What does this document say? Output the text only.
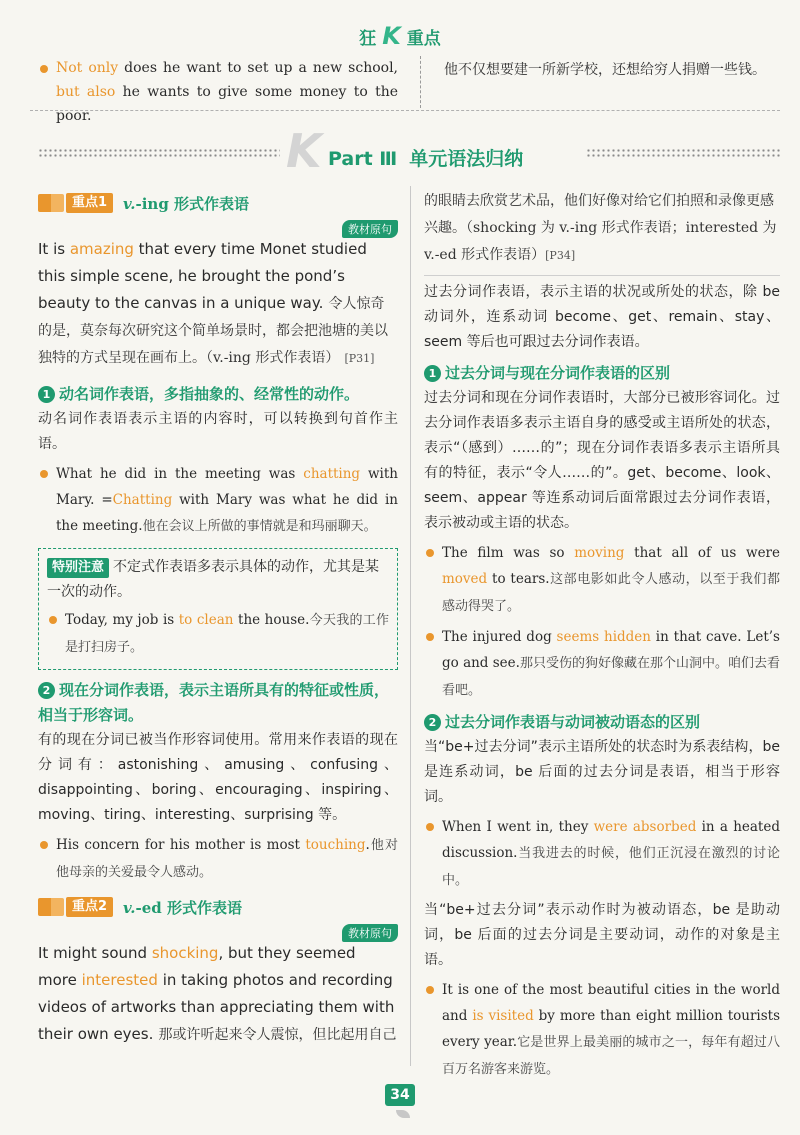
狂 K 重点
Not only does he want to set up a new school, but also he wants to give some money to the poor.
他不仅想要建一所新学校，还想给穷人捐赠一些钱。
K Part Ⅲ 单元语法归纳
重点1	v.-ing 形式作表语
教材原句
It is amazing that every time Monet studied this simple scene, he brought the pond’s beauty to the canvas in a unique way. 令人惊奇的是，莫奈每次研究这个简单场景时，都会把池塘的美以独特的方式呈现在画布上。（v.-ing 形式作表语） [P31]
1 动名词作表语，多指抽象的、经常性的动作。
动名词作表语表示主语的内容时，可以转换到句首作主语。
What he did in the meeting was chatting with Mary. =Chatting with Mary was what he did in the meeting.他在会议上所做的事情就是和玛丽聊天。
特别注意 不定式作表语多表示具体的动作，尤其是某一次的动作。
Today, my job is to clean the house.今天我的工作是打扫房子。
2 现在分词作表语，表示主语所具有的特征或性质，相当于形容词。
有的现在分词已被当作形容词使用。常用来作表语的现在分词有：astonishing、amusing、confusing、disappointing、boring、encouraging、inspiring、moving、tiring、interesting、surprising 等。
His concern for his mother is most touching.他对他母亲的关爱最令人感动。
重点2	v.-ed 形式作表语
教材原句
It might sound shocking, but they seemed more interested in taking photos and recording videos of artworks than appreciating them with their own eyes. 那或许听起来令人震惊，但比起用自己
的眼睛去欣赏艺术品，他们好像对给它们拍照和录像更感兴趣。（shocking 为 v.-ing 形式作表语；interested 为 v.-ed 形式作表语）[P34]
过去分词作表语，表示主语的状况或所处的状态，除 be 动词外，连系动词 become、get、remain、stay、seem 等后也可跟过去分词作表语。
1 过去分词与现在分词作表语的区别
过去分词和现在分词作表语时，大部分已被形容词化。过去分词作表语多表示主语自身的感受或主语所处的状态，表示“（感到）……的”；现在分词作表语多表示主语所具有的特征，表示“令人……的”。get、become、look、seem、appear 等连系动词后面常跟过去分词作表语，表示被动或主语的状态。
The film was so moving that all of us were moved to tears.这部电影如此令人感动，以至于我们都感动得哭了。
The injured dog seems hidden in that cave. Let’s go and see.那只受伤的狗好像藏在那个山洞中。咱们去看看吧。
2 过去分词作表语与动词被动语态的区别
当“be+过去分词”表示主语所处的状态时为系表结构，be 是连系动词，be 后面的过去分词是表语，相当于形容词。
When I went in, they were absorbed in a heated discussion.当我进去的时候，他们正沉浸在激烈的讨论中。
当“be+过去分词”表示动作时为被动语态，be 是助动词，be 后面的过去分词是主要动词，动作的对象是主语。
It is one of the most beautiful cities in the world and is visited by more than eight million tourists every year.它是世界上最美丽的城市之一，每年有超过八百万名游客来游览。
34
